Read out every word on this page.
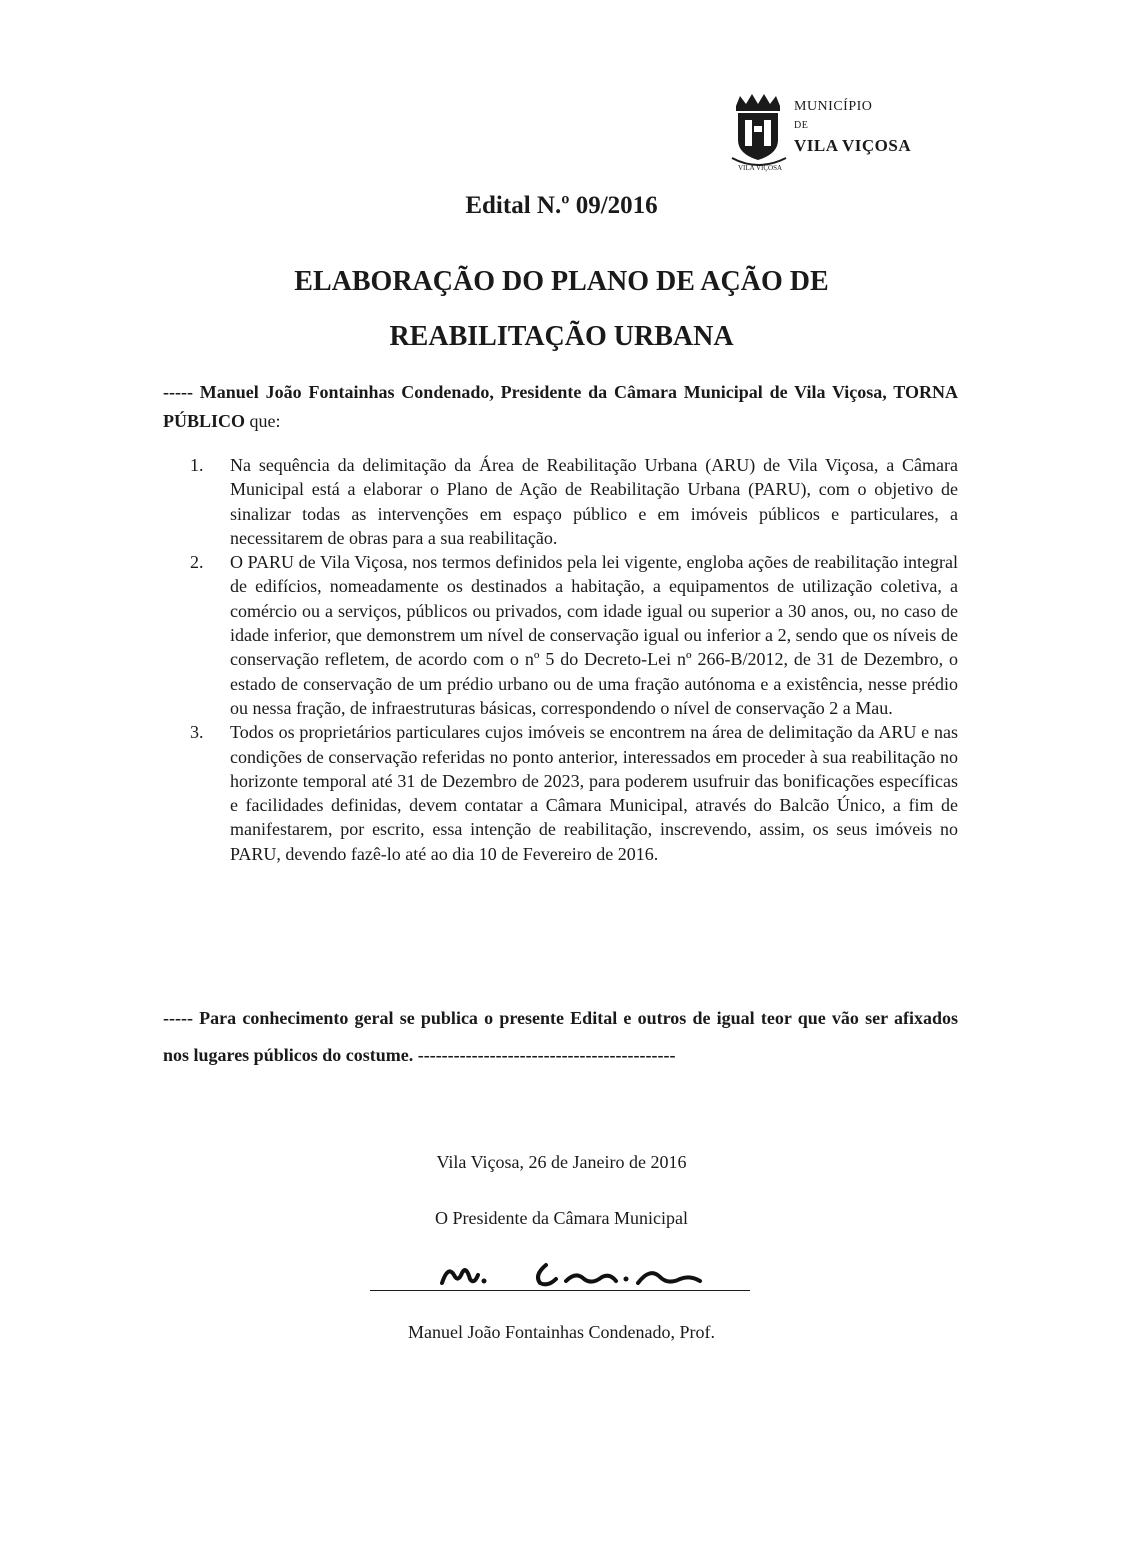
VILA VIÇOSA
MUNICÍPIO
DE
VILA VIÇOSA
Edital N.º 09/2016
ELABORAÇÃO DO PLANO DE AÇÃO DE
REABILITAÇÃO URBANA

----- Manuel João Fontainhas Condenado, Presidente da Câmara Municipal de Vila Viçosa, TORNA PÚBLICO que:

1. Na sequência da delimitação da Área de Reabilitação Urbana (ARU) de Vila Viçosa, a Câmara Municipal está a elaborar o Plano de Ação de Reabilitação Urbana (PARU), com o objetivo de sinalizar todas as intervenções em espaço público e em imóveis públicos e particulares, a necessitarem de obras para a sua reabilitação.
2. O PARU de Vila Viçosa, nos termos definidos pela lei vigente, engloba ações de reabilitação integral de edifícios, nomeadamente os destinados a habitação, a equipamentos de utilização coletiva, a comércio ou a serviços, públicos ou privados, com idade igual ou superior a 30 anos, ou, no caso de idade inferior, que demonstrem um nível de conservação igual ou inferior a 2, sendo que os níveis de conservação refletem, de acordo com o nº 5 do Decreto-Lei nº 266-B/2012, de 31 de Dezembro, o estado de conservação de um prédio urbano ou de uma fração autónoma e a existência, nesse prédio ou nessa fração, de infraestruturas básicas, correspondendo o nível de conservação 2 a Mau.
3. Todos os proprietários particulares cujos imóveis se encontrem na área de delimitação da ARU e nas condições de conservação referidas no ponto anterior, interessados em proceder à sua reabilitação no horizonte temporal até 31 de Dezembro de 2023, para poderem usufruir das bonificações específicas e facilidades definidas, devem contatar a Câmara Municipal, através do Balcão Único, a fim de manifestarem, por escrito, essa intenção de reabilitação, inscrevendo, assim, os seus imóveis no PARU, devendo fazê-lo até ao dia 10 de Fevereiro de 2016.

----- Para conhecimento geral se publica o presente Edital e outros de igual teor que vão ser afixados nos lugares públicos do costume. -------------------------------------------

Vila Viçosa, 26 de Janeiro de 2016
O Presidente da Câmara Municipal
Manuel João Fontainhas Condenado, Prof.
